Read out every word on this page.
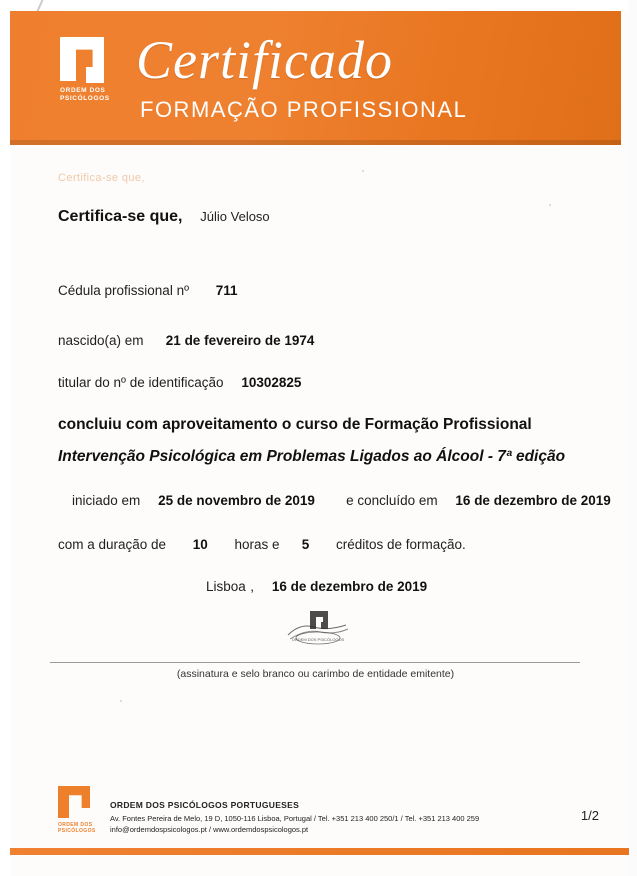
ORDEM DOS PSICÓLOGOS
Certificado
FORMAÇÃO PROFISSIONAL
Certifica-se que,
Certifica-se que, Júlio Veloso
Cédula profissional nº 711
nascido(a) em 21 de fevereiro de 1974
titular do nº de identificação 10302825
concluiu com aproveitamento o curso de Formação Profissional
Intervenção Psicológica em Problemas Ligados ao Álcool - 7ª edição
iniciado em 25 de novembro de 2019 e concluído em 16 de dezembro de 2019
com a duração de 10 horas e 5 créditos de formação.
Lisboa , 16 de dezembro de 2019
ORDEM DOS PSICÓLOGOS
(assinatura e selo branco ou carimbo de entidade emitente)
ORDEM DOS PSICÓLOGOS
ORDEM DOS PSICÓLOGOS PORTUGUESES
Av. Fontes Pereira de Melo, 19 D, 1050-116 Lisboa, Portugal / Tel. +351 213 400 250/1 / Tel. +351 213 400 259
info@ordemdospsicologos.pt / www.ordemdospsicologos.pt
1/2
